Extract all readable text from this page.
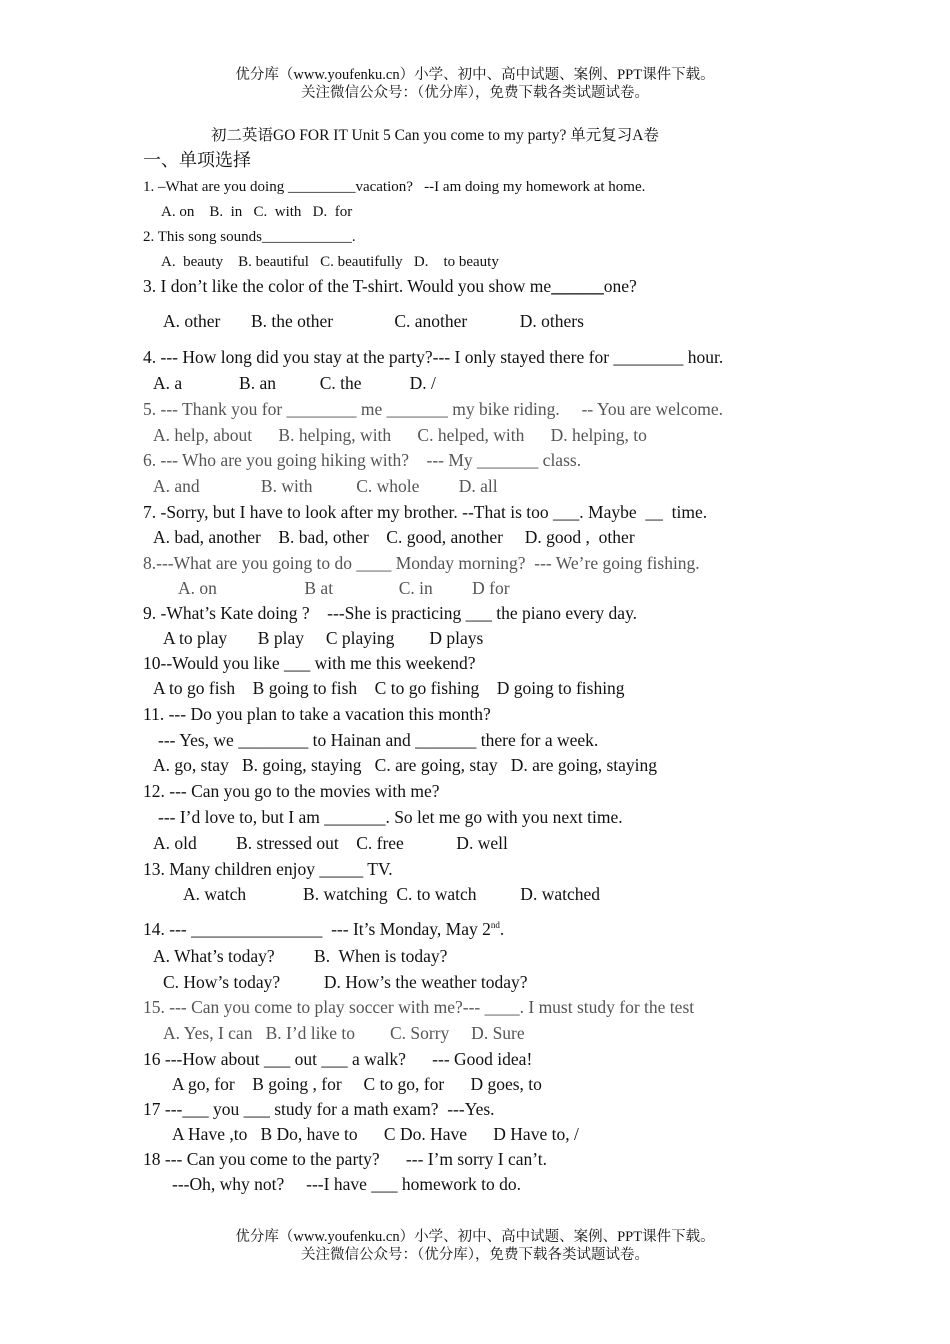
优分库（www.youfenku.cn）小学、初中、高中试题、案例、PPT课件下载。
关注微信公众号：（优分库），免费下载各类试题试卷。
初二英语GO FOR IT Unit 5 Can you come to my party? 单元复习A卷
一、单项选择
1. –What are you doing _________vacation?   --I am doing my homework at home.
A. on    B.  in   C.  with   D.  for
2. This song sounds____________.
A.  beauty    B. beautiful   C. beautifully   D.    to beauty
3. I don’t like the color of the T-shirt. Would you show me______one?
A. other       B. the other              C. another            D. others
4. --- How long did you stay at the party?--- I only stayed there for ________ hour.
A. a             B. an          C. the           D. /
5. --- Thank you for ________ me _______ my bike riding.     -- You are welcome.
A. help, about      B. helping, with      C. helped, with      D. helping, to
6. --- Who are you going hiking with?    --- My _______ class.
A. and              B. with          C. whole         D. all
7. -Sorry, but I have to look after my brother. --That is too ___. Maybe  __  time.
A. bad, another    B. bad, other    C. good, another     D. good ,  other
8.---What are you going to do ____ Monday morning?  --- We’re going fishing.
A. on                    B at               C. in         D for
9. -What’s Kate doing ?    ---She is practicing ___ the piano every day.
A to play       B play     C playing        D plays
10--Would you like ___ with me this weekend?
A to go fish    B going to fish    C to go fishing    D going to fishing
11. --- Do you plan to take a vacation this month?
--- Yes, we ________ to Hainan and _______ there for a week.
A. go, stay   B. going, staying   C. are going, stay   D. are going, staying
12. --- Can you go to the movies with me?
--- I’d love to, but I am _______. So let me go with you next time.
A. old         B. stressed out    C. free            D. well
13. Many children enjoy _____ TV.
A. watch             B. watching  C. to watch          D. watched
14. --- _______________  --- It’s Monday, May 2nd.
A. What’s today?         B.  When is today?
C. How’s today?          D. How’s the weather today?
15. --- Can you come to play soccer with me?--- ____. I must study for the test
A. Yes, I can   B. I’d like to        C. Sorry     D. Sure
16 ---How about ___ out ___ a walk?      --- Good idea!
A go, for    B going , for     C to go, for      D goes, to
17 ---___ you ___ study for a math exam?  ---Yes.
A Have ,to   B Do, have to      C Do. Have      D Have to, /
18 --- Can you come to the party?      --- I’m sorry I can’t.
---Oh, why not?     ---I have ___ homework to do.
优分库（www.youfenku.cn）小学、初中、高中试题、案例、PPT课件下载。
关注微信公众号：（优分库），免费下载各类试题试卷。
